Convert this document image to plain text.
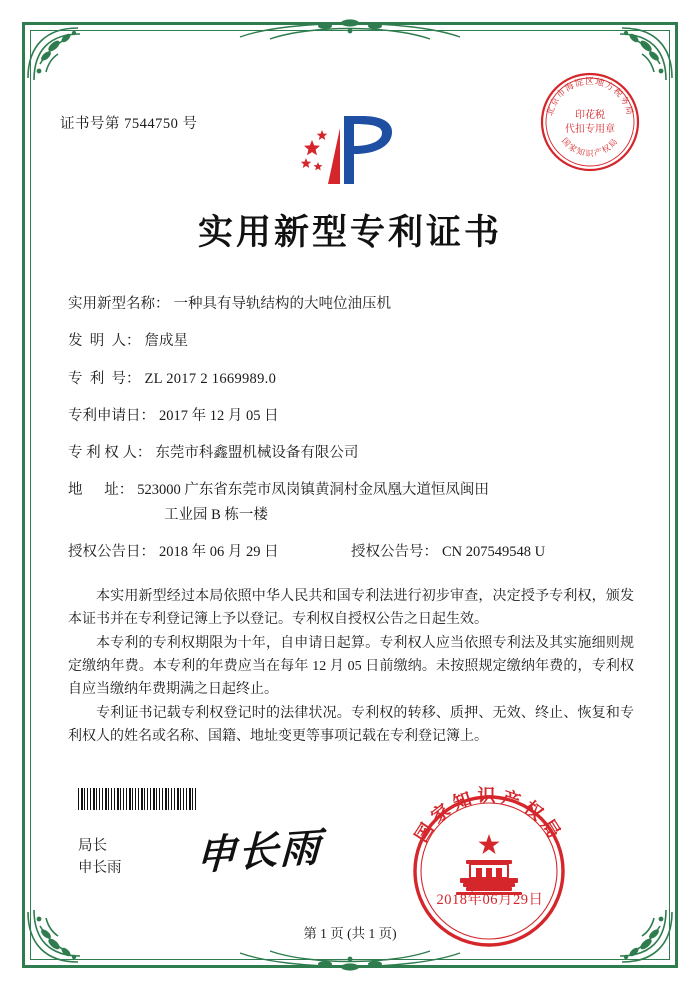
证书号第 7544750 号
北京市海淀区地方税务局
国家知识产权局
印花税
代扣专用章
实用新型专利证书
实用新型名称： 一种具有导轨结构的大吨位油压机
发  明  人： 詹成星
专  利  号： ZL 2017 2 1669989.0
专利申请日： 2017 年 12 月 05 日
专 利 权 人： 东莞市科鑫盟机械设备有限公司
地      址： 523000 广东省东莞市凤岗镇黄洞村金凤凰大道恒凤闽田
工业园 B 栋一楼
授权公告日： 2018 年 06 月 29 日	授权公告号： CN 207549548 U

本实用新型经过本局依照中华人民共和国专利法进行初步审查，决定授予专利权，颁发本证书并在专利登记簿上予以登记。专利权自授权公告之日起生效。

本专利的专利权期限为十年，自申请日起算。专利权人应当依照专利法及其实施细则规定缴纳年费。本专利的年费应当在每年 12 月 05 日前缴纳。未按照规定缴纳年费的，专利权自应当缴纳年费期满之日起终止。

专利证书记载专利权登记时的法律状况。专利权的转移、质押、无效、终止、恢复和专利权人的姓名或名称、国籍、地址变更等事项记载在专利登记簿上。

局长
申长雨 申长雨	国家知识产权局
2018年06月29日
第 1 页 (共 1 页)
